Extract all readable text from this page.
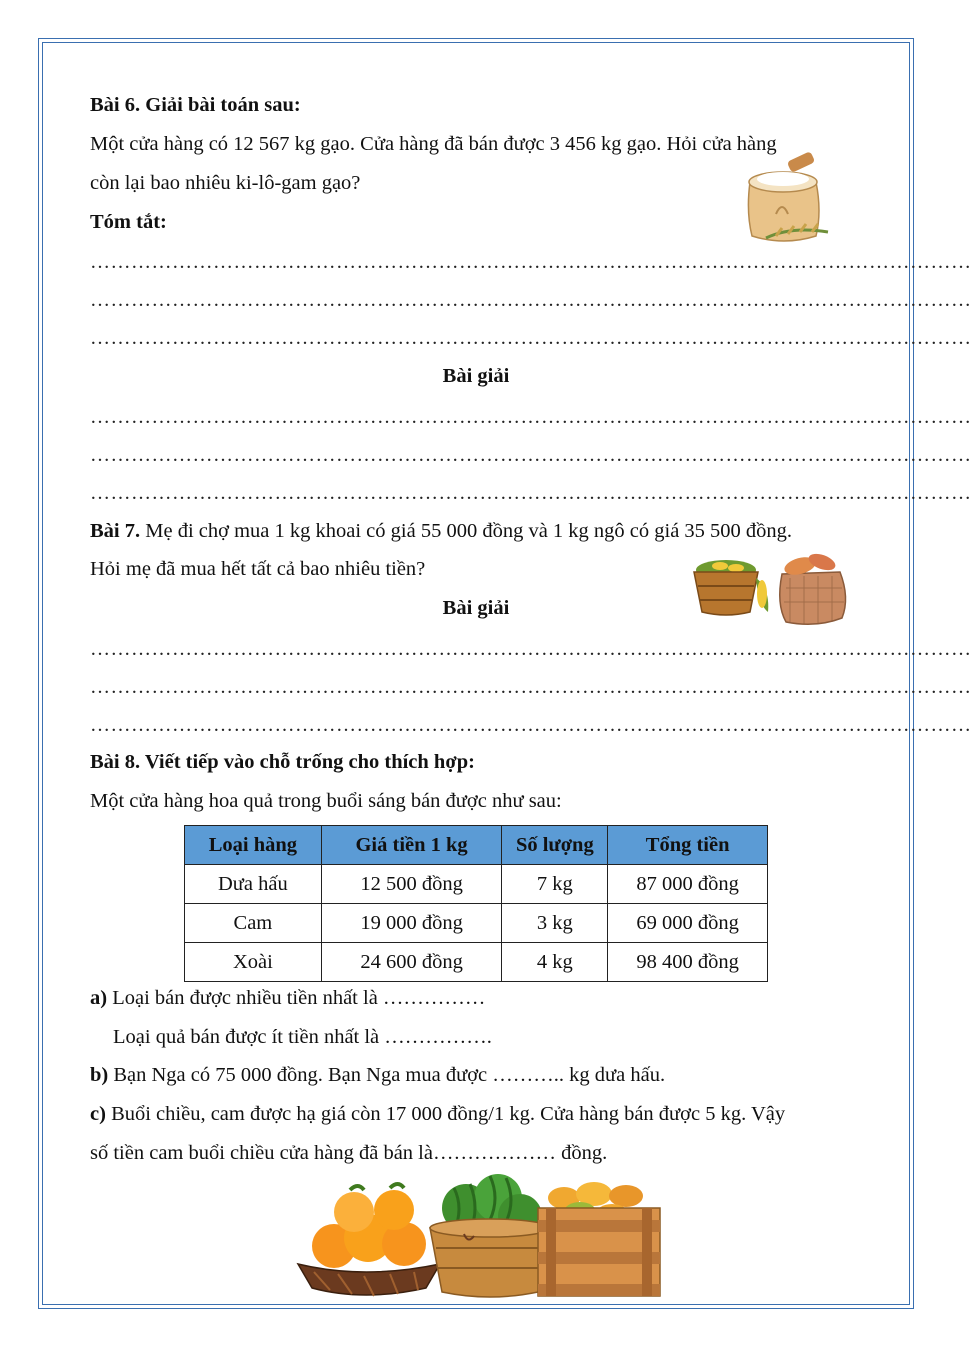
Bài 6. Giải bài toán sau:
Một cửa hàng có 12 567 kg gạo. Cửa hàng đã bán được 3 456 kg gạo. Hỏi cửa hàng
còn lại bao nhiêu ki-lô-gam gạo?
Tóm tắt:
…………………………………………………………………………………………………………………
…………………………………………………………………………………………………………………
…………………………………………………………………………………………………………………
Bài giải
…………………………………………………………………………………………………………………
…………………………………………………………………………………………………………………
…………………………………………………………………………………………………………………
Bài 7. Mẹ đi chợ mua 1 kg khoai có giá 55 000 đồng và 1 kg ngô có giá 35 500 đồng.
Hỏi mẹ đã mua hết tất cả bao nhiêu tiền?
Bài giải
…………………………………………………………………………………………………………………
…………………………………………………………………………………………………………………
…………………………………………………………………………………………………………………
Bài 8. Viết tiếp vào chỗ trống cho thích hợp:
Một cửa hàng hoa quả trong buổi sáng bán được như sau:
Loại hàng	Giá tiền 1 kg	Số lượng	Tổng tiền
Dưa hấu	12 500 đồng	7 kg	87 000 đồng
Cam	19 000 đồng	3 kg	69 000 đồng
Xoài	24 600 đồng	4 kg	98 400 đồng
a) Loại bán được nhiều tiền nhất là ……………
Loại quả bán được ít tiền nhất là …………….
b) Bạn Nga có 75 000 đồng. Bạn Nga mua được ……….. kg dưa hấu.
c) Buổi chiều, cam được hạ giá còn 17 000 đồng/1 kg. Cửa hàng bán được 5 kg. Vậy
số tiền cam buổi chiều cửa hàng đã bán là……………… đồng.
